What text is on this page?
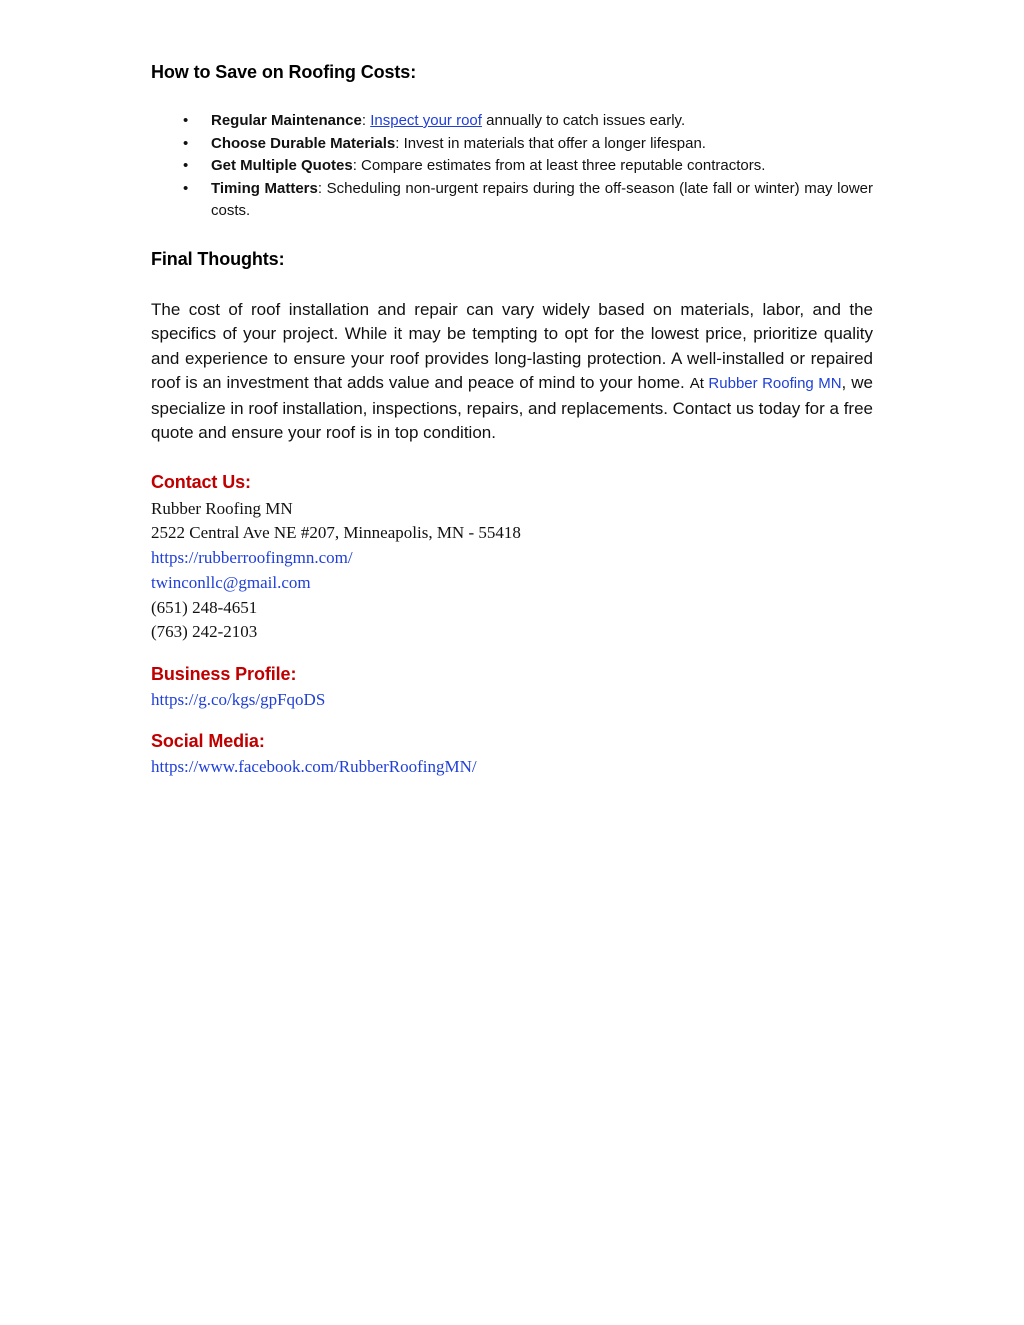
How to Save on Roofing Costs:
• Regular Maintenance: Inspect your roof annually to catch issues early.
• Choose Durable Materials: Invest in materials that offer a longer lifespan.
• Get Multiple Quotes: Compare estimates from at least three reputable contractors.
• Timing Matters: Scheduling non-urgent repairs during the off-season (late fall or winter) may lower costs.
Final Thoughts:

The cost of roof installation and repair can vary widely based on materials, labor, and the specifics of your project. While it may be tempting to opt for the lowest price, prioritize quality and experience to ensure your roof provides long-lasting protection. A well-installed or repaired roof is an investment that adds value and peace of mind to your home. At Rubber Roofing MN, we specialize in roof installation, inspections, repairs, and replacements. Contact us today for a free quote and ensure your roof is in top condition.

Contact Us:
Rubber Roofing MN
2522 Central Ave NE #207, Minneapolis, MN - 55418
https://rubberroofingmn.com/
twinconllc@gmail.com
(651) 248-4651
(763) 242-2103
Business Profile:
https://g.co/kgs/gpFqoDS
Social Media:
https://www.facebook.com/RubberRoofingMN/
